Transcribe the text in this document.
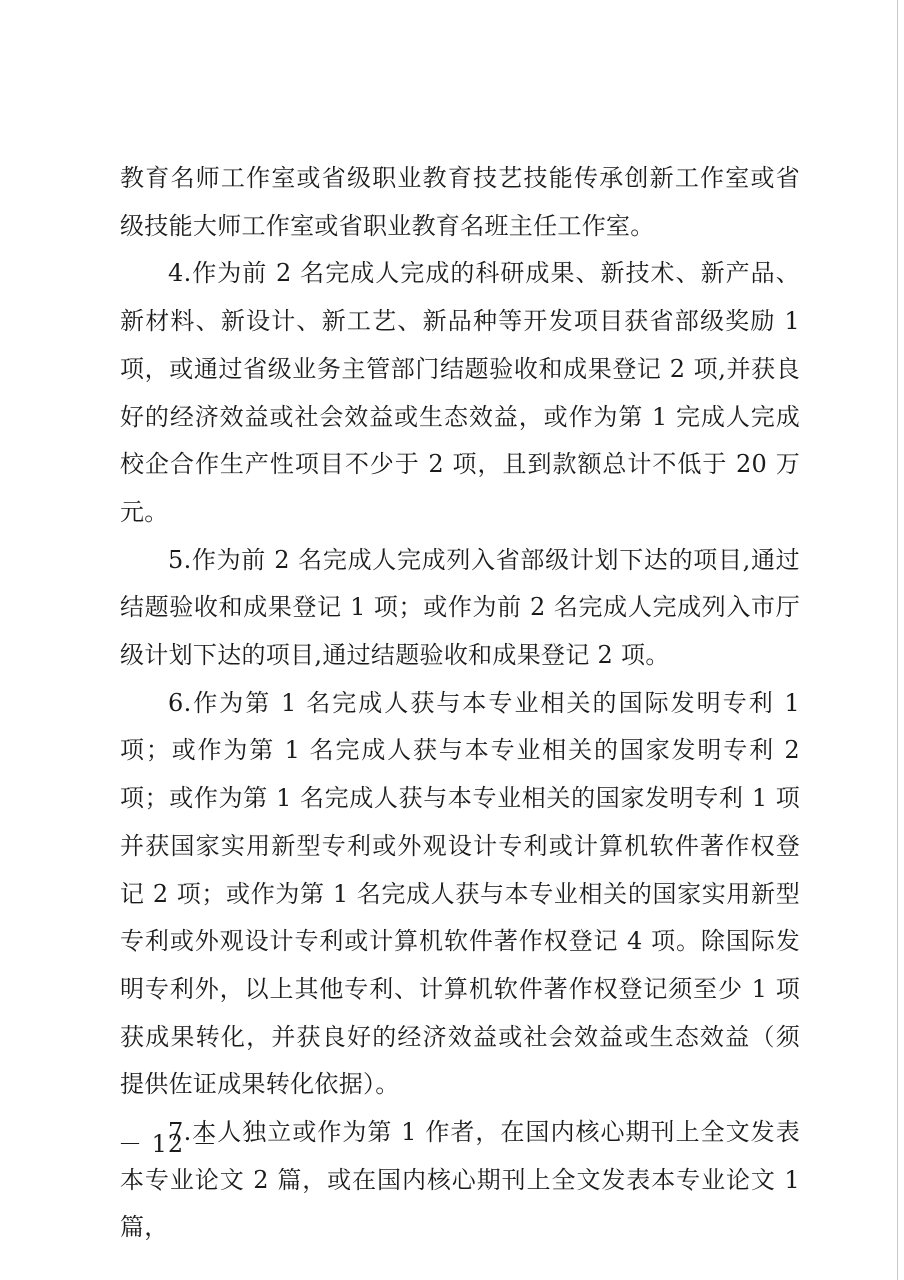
教育名师工作室或省级职业教育技艺技能传承创新工作室或省级技能大师工作室或省职业教育名班主任工作室。

4.作为前 2 名完成人完成的科研成果、新技术、新产品、新材料、新设计、新工艺、新品种等开发项目获省部级奖励 1 项，或通过省级业务主管部门结题验收和成果登记 2 项,并获良好的经济效益或社会效益或生态效益，或作为第 1 完成人完成校企合作生产性项目不少于 2 项，且到款额总计不低于 20 万元。

5.作为前 2 名完成人完成列入省部级计划下达的项目,通过结题验收和成果登记 1 项；或作为前 2 名完成人完成列入市厅级计划下达的项目,通过结题验收和成果登记 2 项。

6.作为第 1 名完成人获与本专业相关的国际发明专利 1 项；或作为第 1 名完成人获与本专业相关的国家发明专利 2 项；或作为第 1 名完成人获与本专业相关的国家发明专利 1 项并获国家实用新型专利或外观设计专利或计算机软件著作权登记 2 项；或作为第 1 名完成人获与本专业相关的国家实用新型专利或外观设计专利或计算机软件著作权登记 4 项。除国际发明专利外，以上其他专利、计算机软件著作权登记须至少 1 项获成果转化，并获良好的经济效益或社会效益或生态效益（须提供佐证成果转化依据）。

7.本人独立或作为第 1 作者，在国内核心期刊上全文发表本专业论文 2 篇，或在国内核心期刊上全文发表本专业论文 1 篇，

－ 12 －
